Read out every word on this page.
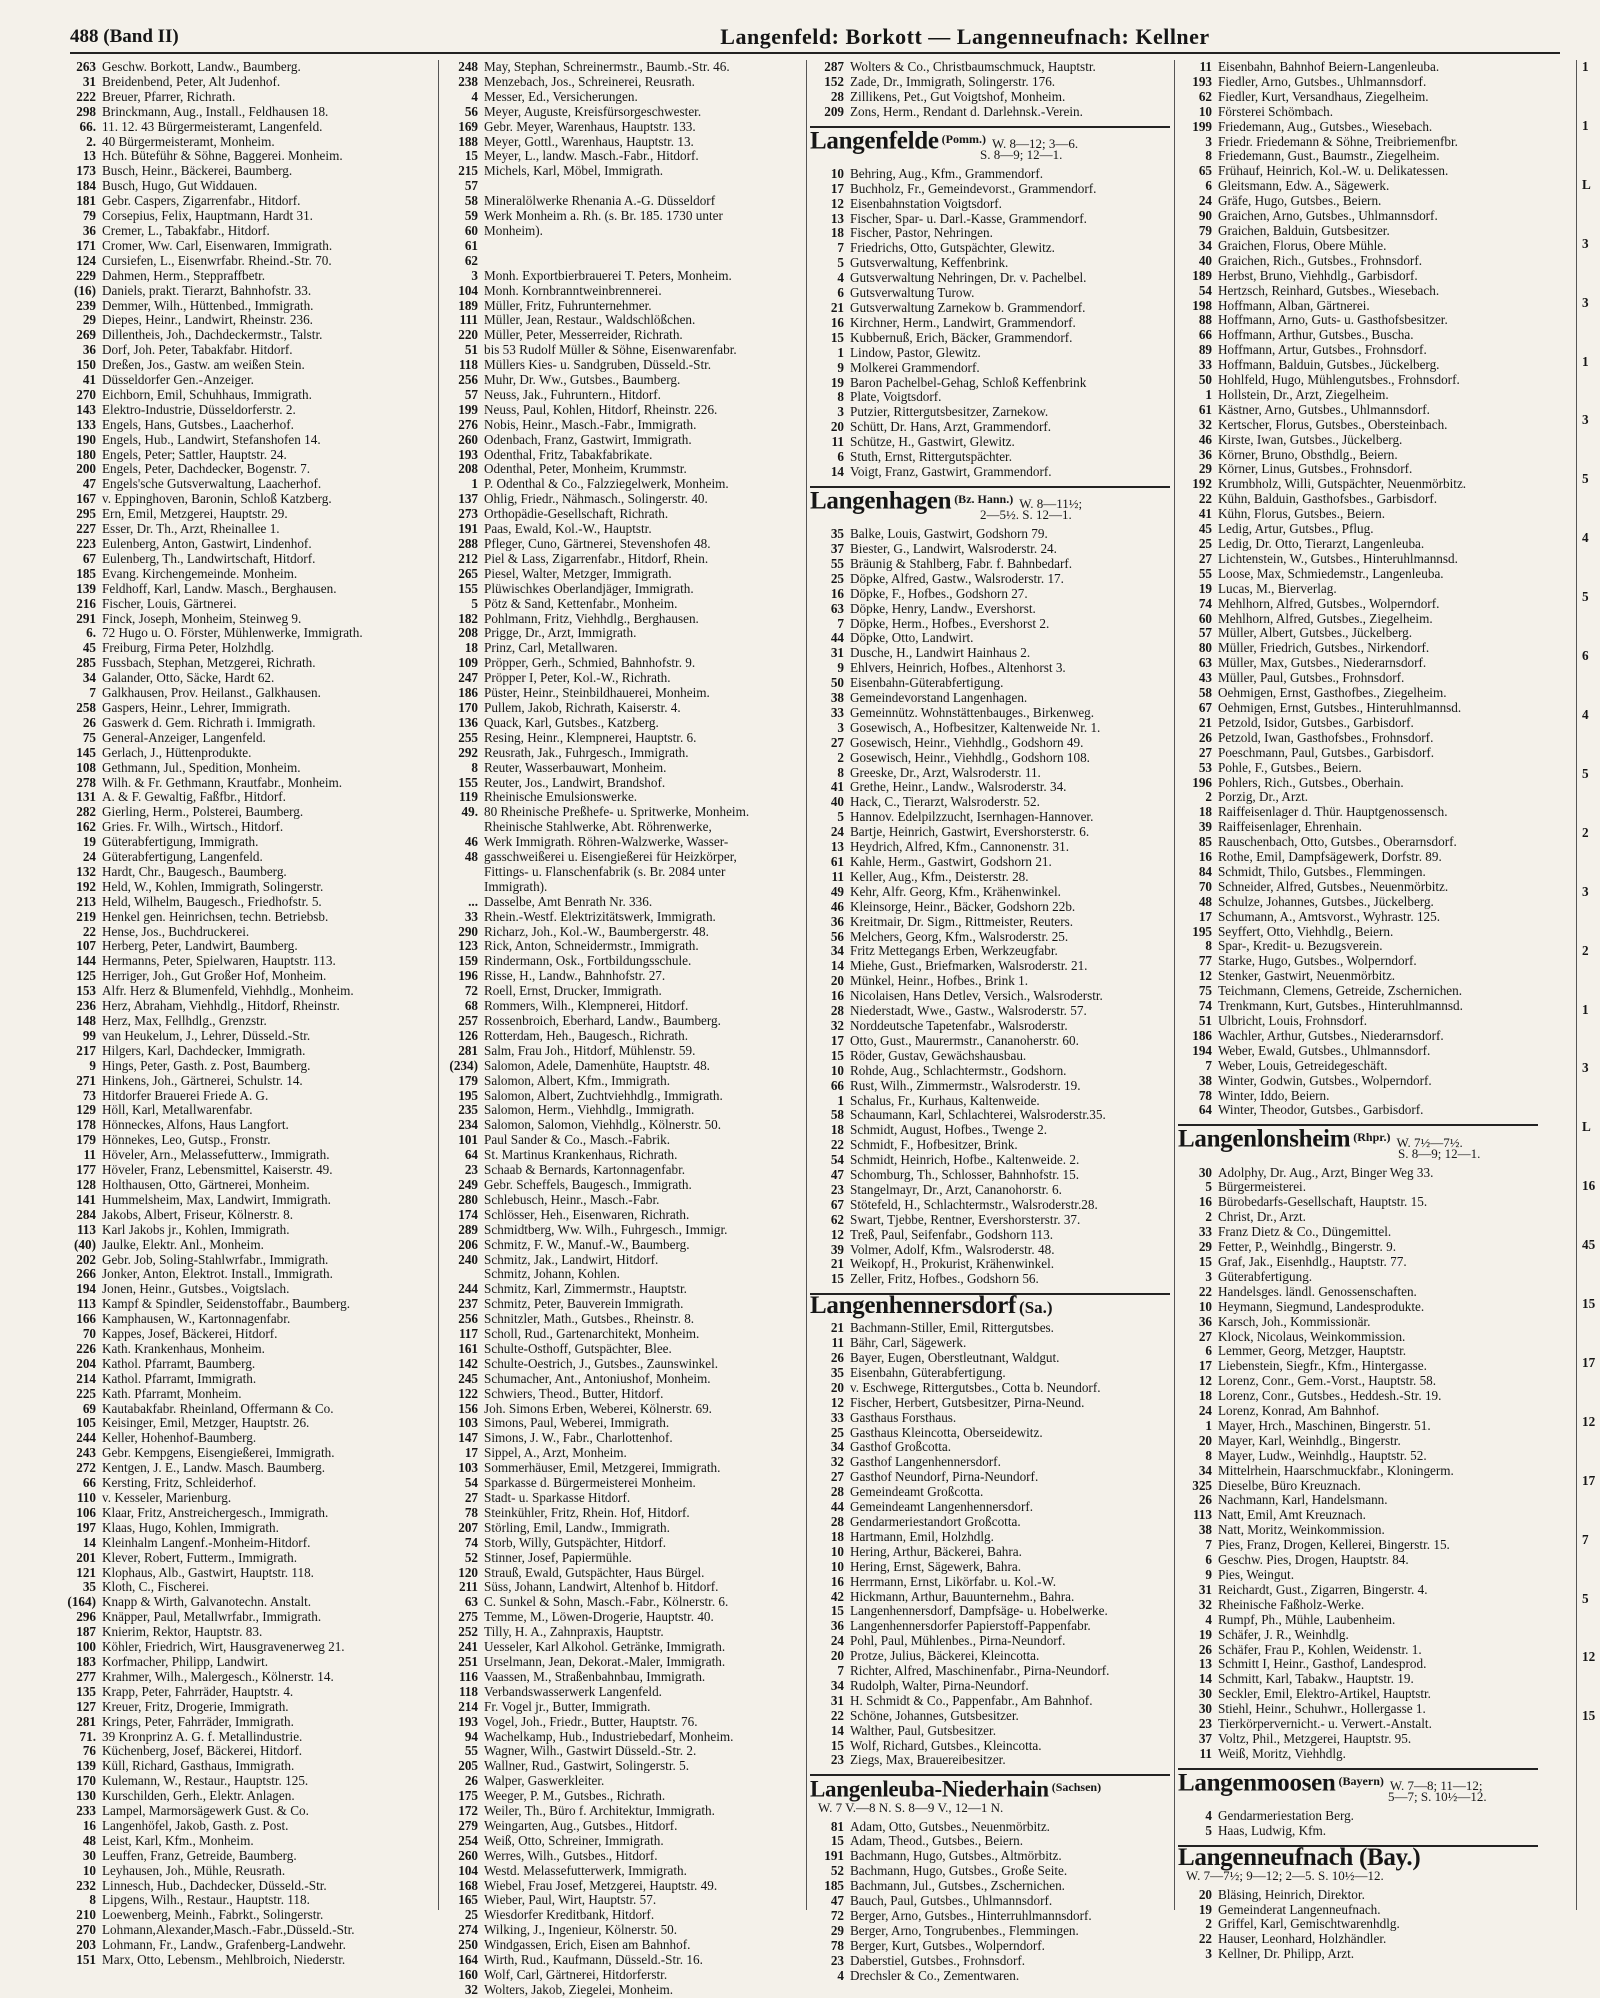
488 (Band II)	Langenfeld: Borkott — Langenneufnach: Kellner
263 Geschw. Borkott, Landw., Baumberg.
31 Breidenbend, Peter, Alt Judenhof.
222 Breuer, Pfarrer, Richrath.
298 Brinckmann, Aug., Install., Feldhausen 18.
66. 11. 12. 43 Bürgermeisteramt, Langenfeld.
2. 40 Bürgermeisteramt, Monheim.
13 Hch. Büteführ & Söhne, Baggerei. Monheim.
173 Busch, Heinr., Bäckerei, Baumberg.
184 Busch, Hugo, Gut Widdauen.
181 Gebr. Caspers, Zigarrenfabr., Hitdorf.
79 Corsepius, Felix, Hauptmann, Hardt 31.
36 Cremer, L., Tabakfabr., Hitdorf.
171 Cromer, Ww. Carl, Eisenwaren, Immigrath.
124 Cursiefen, L., Eisenwrfabr. Rheind.-Str. 70.
229 Dahmen, Herm., Steppraffbetr.
(16) Daniels, prakt. Tierarzt, Bahnhofstr. 33.
239 Demmer, Wilh., Hüttenbed., Immigrath.
29 Diepes, Heinr., Landwirt, Rheinstr. 236.
269 Dillentheis, Joh., Dachdeckermstr., Talstr.
36 Dorf, Joh. Peter, Tabakfabr. Hitdorf.
150 Dreßen, Jos., Gastw. am weißen Stein.
41 Düsseldorfer Gen.-Anzeiger.
270 Eichborn, Emil, Schuhhaus, Immigrath.
143 Elektro-Industrie, Düsseldorferstr. 2.
133 Engels, Hans, Gutsbes., Laacherhof.
190 Engels, Hub., Landwirt, Stefanshofen 14.
180 Engels, Peter; Sattler, Hauptstr. 24.
200 Engels, Peter, Dachdecker, Bogenstr. 7.
47 Engels'sche Gutsverwaltung, Laacherhof.
167 v. Eppinghoven, Baronin, Schloß Katzberg.
295 Ern, Emil, Metzgerei, Hauptstr. 29.
227 Esser, Dr. Th., Arzt, Rheinallee 1.
223 Eulenberg, Anton, Gastwirt, Lindenhof.
67 Eulenberg, Th., Landwirtschaft, Hitdorf.
185 Evang. Kirchengemeinde. Monheim.
139 Feldhoff, Karl, Landw. Masch., Berghausen.
216 Fischer, Louis, Gärtnerei.
291 Finck, Joseph, Monheim, Steinweg 9.
6. 72 Hugo u. O. Förster, Mühlenwerke, Immigrath.
45 Freiburg, Firma Peter, Holzhdlg.
285 Fussbach, Stephan, Metzgerei, Richrath.
34 Galander, Otto, Säcke, Hardt 62.
7 Galkhausen, Prov. Heilanst., Galkhausen.
258 Gaspers, Heinr., Lehrer, Immigrath.
26 Gaswerk d. Gem. Richrath i. Immigrath.
75 General-Anzeiger, Langenfeld.
145 Gerlach, J., Hüttenprodukte.
108 Gethmann, Jul., Spedition, Monheim.
278 Wilh. & Fr. Gethmann, Krautfabr., Monheim.
131 A. & F. Gewaltig, Faßfbr., Hitdorf.
282 Gierling, Herm., Polsterei, Baumberg.
162 Gries. Fr. Wilh., Wirtsch., Hitdorf.
19 Güterabfertigung, Immigrath.
24 Güterabfertigung, Langenfeld.
132 Hardt, Chr., Baugesch., Baumberg.
192 Held, W., Kohlen, Immigrath, Solingerstr.
213 Held, Wilhelm, Baugesch., Friedhofstr. 5.
219 Henkel gen. Heinrichsen, techn. Betriebsb.
22 Hense, Jos., Buchdruckerei.
107 Herberg, Peter, Landwirt, Baumberg.
144 Hermanns, Peter, Spielwaren, Hauptstr. 113.
125 Herriger, Joh., Gut Großer Hof, Monheim.
153 Alfr. Herz & Blumenfeld, Viehhdlg., Monheim.
236 Herz, Abraham, Viehhdlg., Hitdorf, Rheinstr.
148 Herz, Max, Fellhdlg., Grenzstr.
99 van Heukelum, J., Lehrer, Düsseld.-Str.
217 Hilgers, Karl, Dachdecker, Immigrath.
9 Hings, Peter, Gasth. z. Post, Baumberg.
271 Hinkens, Joh., Gärtnerei, Schulstr. 14.
73 Hitdorfer Brauerei Friede A. G.
129 Höll, Karl, Metallwarenfabr.
178 Hönneckes, Alfons, Haus Langfort.
179 Hönnekes, Leo, Gutsp., Fronstr.
11 Höveler, Arn., Melassefutterw., Immigrath.
177 Höveler, Franz, Lebensmittel, Kaiserstr. 49.
128 Holthausen, Otto, Gärtnerei, Monheim.
141 Hummelsheim, Max, Landwirt, Immigrath.
284 Jakobs, Albert, Friseur, Kölnerstr. 8.
113 Karl Jakobs jr., Kohlen, Immigrath.
(40) Jaulke, Elektr. Anl., Monheim.
202 Gebr. Job, Soling-Stahlwrfabr., Immigrath.
266 Jonker, Anton, Elektrot. Install., Immigrath.
194 Jonen, Heinr., Gutsbes., Voigtslach.
113 Kampf & Spindler, Seidenstoffabr., Baumberg.
166 Kamphausen, W., Kartonnagenfabr.
70 Kappes, Josef, Bäckerei, Hitdorf.
226 Kath. Krankenhaus, Monheim.
204 Kathol. Pfarramt, Baumberg.
214 Kathol. Pfarramt, Immigrath.
225 Kath. Pfarramt, Monheim.
69 Kautabakfabr. Rheinland, Offermann & Co.
105 Keisinger, Emil, Metzger, Hauptstr. 26.
244 Keller, Hohenhof-Baumberg.
243 Gebr. Kempgens, Eisengießerei, Immigrath.
272 Kentgen, J. E., Landw. Masch. Baumberg.
66 Kersting, Fritz, Schleiderhof.
110 v. Kesseler, Marienburg.
106 Klaar, Fritz, Anstreichergesch., Immigrath.
197 Klaas, Hugo, Kohlen, Immigrath.
14 Kleinhalm Langenf.-Monheim-Hitdorf.
201 Klever, Robert, Futterm., Immigrath.
121 Klophaus, Alb., Gastwirt, Hauptstr. 118.
35 Kloth, C., Fischerei.
(164) Knapp & Wirth, Galvanotechn. Anstalt.
296 Knäpper, Paul, Metallwrfabr., Immigrath.
187 Knierim, Rektor, Hauptstr. 83.
100 Köhler, Friedrich, Wirt, Hausgravenerweg 21.
183 Korfmacher, Philipp, Landwirt.
277 Krahmer, Wilh., Malergesch., Kölnerstr. 14.
135 Krapp, Peter, Fahrräder, Hauptstr. 4.
127 Kreuer, Fritz, Drogerie, Immigrath.
281 Krings, Peter, Fahrräder, Immigrath.
71. 39 Kronprinz A. G. f. Metallindustrie.
76 Küchenberg, Josef, Bäckerei, Hitdorf.
139 Küll, Richard, Gasthaus, Immigrath.
170 Kulemann, W., Restaur., Hauptstr. 125.
130 Kurschilden, Gerh., Elektr. Anlagen.
233 Lampel, Marmorsägewerk Gust. & Co.
16 Langenhöfel, Jakob, Gasth. z. Post.
48 Leist, Karl, Kfm., Monheim.
30 Leuffen, Franz, Getreide, Baumberg.
10 Leyhausen, Joh., Mühle, Reusrath.
232 Linnesch, Hub., Dachdecker, Düsseld.-Str.
8 Lipgens, Wilh., Restaur., Hauptstr. 118.
210 Loewenberg, Meinh., Fabrkt., Solingerstr.
270 Lohmann,Alexander,Masch.-Fabr.,Düsseld.-Str.
203 Lohmann, Fr., Landw., Grafenberg-Landwehr.
151 Marx, Otto, Lebensm., Mehlbroich, Niederstr.
248 May, Stephan, Schreinermstr., Baumb.-Str. 46.
238 Menzebach, Jos., Schreinerei, Reusrath.
4 Messer, Ed., Versicherungen.
56 Meyer, Auguste, Kreisfürsorgeschwester.
169 Gebr. Meyer, Warenhaus, Hauptstr. 133.
188 Meyer, Gottl., Warenhaus, Hauptstr. 13.
15 Meyer, L., landw. Masch.-Fabr., Hitdorf.
215 Michels, Karl, Möbel, Immigrath.
57
58 Mineralölwerke Rhenania A.-G. Düsseldorf
59 Werk Monheim a. Rh. (s. Br. 185. 1730 unter
60 Monheim).
61
62
3 Monh. Exportbierbrauerei T. Peters, Monheim.
104 Monh. Kornbranntweinbrennerei.
189 Müller, Fritz, Fuhrunternehmer.
111 Müller, Jean, Restaur., Waldschlößchen.
220 Müller, Peter, Messerreider, Richrath.
51 bis 53 Rudolf Müller & Söhne, Eisenwarenfabr.
118 Müllers Kies- u. Sandgruben, Düsseld.-Str.
256 Muhr, Dr. Ww., Gutsbes., Baumberg.
57 Neuss, Jak., Fuhruntern., Hitdorf.
199 Neuss, Paul, Kohlen, Hitdorf, Rheinstr. 226.
276 Nobis, Heinr., Masch.-Fabr., Immigrath.
260 Odenbach, Franz, Gastwirt, Immigrath.
193 Odenthal, Fritz, Tabakfabrikate.
208 Odenthal, Peter, Monheim, Krummstr.
1 P. Odenthal & Co., Falzziegelwerk, Monheim.
137 Ohlig, Friedr., Nähmasch., Solingerstr. 40.
273 Orthopädie-Gesellschaft, Richrath.
191 Paas, Ewald, Kol.-W., Hauptstr.
288 Pfleger, Cuno, Gärtnerei, Stevenshofen 48.
212 Piel & Lass, Zigarrenfabr., Hitdorf, Rhein.
265 Piesel, Walter, Metzger, Immigrath.
155 Plüwischkes Oberlandjäger, Immigrath.
5 Pötz & Sand, Kettenfabr., Monheim.
182 Pohlmann, Fritz, Viehhdlg., Berghausen.
208 Prigge, Dr., Arzt, Immigrath.
18 Prinz, Carl, Metallwaren.
109 Pröpper, Gerh., Schmied, Bahnhofstr. 9.
247 Pröpper I, Peter, Kol.-W., Richrath.
186 Püster, Heinr., Steinbildhauerei, Monheim.
170 Pullem, Jakob, Richrath, Kaiserstr. 4.
136 Quack, Karl, Gutsbes., Katzberg.
255 Resing, Heinr., Klempnerei, Hauptstr. 6.
292 Reusrath, Jak., Fuhrgesch., Immigrath.
8 Reuter, Wasserbauwart, Monheim.
155 Reuter, Jos., Landwirt, Brandshof.
119 Rheinische Emulsionswerke.
49. 80 Rheinische Preßhefe- u. Spritwerke, Monheim.
Rheinische Stahlwerke, Abt. Röhrenwerke,
46 Werk Immigrath. Röhren-Walzwerke, Wasser-
48 gasschweißerei u. Eisengießerei für Heizkörper,
Fittings- u. Flanschenfabrik (s. Br. 2084 unter
Immigrath).
... Dasselbe, Amt Benrath Nr. 336.
33 Rhein.-Westf. Elektrizitätswerk, Immigrath.
290 Richarz, Joh., Kol.-W., Baumbergerstr. 48.
123 Rick, Anton, Schneidermstr., Immigrath.
159 Rindermann, Osk., Fortbildungsschule.
196 Risse, H., Landw., Bahnhofstr. 27.
72 Roell, Ernst, Drucker, Immigrath.
68 Rommers, Wilh., Klempnerei, Hitdorf.
257 Rossenbroich, Eberhard, Landw., Baumberg.
126 Rotterdam, Heh., Baugesch., Richrath.
281 Salm, Frau Joh., Hitdorf, Mühlenstr. 59.
(234) Salomon, Adele, Damenhüte, Hauptstr. 48.
179 Salomon, Albert, Kfm., Immigrath.
195 Salomon, Albert, Zuchtviehhdlg., Immigrath.
235 Salomon, Herm., Viehhdlg., Immigrath.
234 Salomon, Salomon, Viehhdlg., Kölnerstr. 50.
101 Paul Sander & Co., Masch.-Fabrik.
64 St. Martinus Krankenhaus, Richrath.
23 Schaab & Bernards, Kartonnagenfabr.
249 Gebr. Scheffels, Baugesch., Immigrath.
280 Schlebusch, Heinr., Masch.-Fabr.
174 Schlösser, Heh., Eisenwaren, Richrath.
289 Schmidtberg, Ww. Wilh., Fuhrgesch., Immigr.
206 Schmitz, F. W., Manuf.-W., Baumberg.
240 Schmitz, Jak., Landwirt, Hitdorf.
Schmitz, Johann, Kohlen.
244 Schmitz, Karl, Zimmermstr., Hauptstr.
237 Schmitz, Peter, Bauverein Immigrath.
256 Schnitzler, Math., Gutsbes., Rheinstr. 8.
117 Scholl, Rud., Gartenarchitekt, Monheim.
161 Schulte-Osthoff, Gutspächter, Blee.
142 Schulte-Oestrich, J., Gutsbes., Zaunswinkel.
245 Schumacher, Ant., Antoniushof, Monheim.
122 Schwiers, Theod., Butter, Hitdorf.
156 Joh. Simons Erben, Weberei, Kölnerstr. 69.
103 Simons, Paul, Weberei, Immigrath.
147 Simons, J. W., Fabr., Charlottenhof.
17 Sippel, A., Arzt, Monheim.
103 Sommerhäuser, Emil, Metzgerei, Immigrath.
54 Sparkasse d. Bürgermeisterei Monheim.
27 Stadt- u. Sparkasse Hitdorf.
78 Steinkühler, Fritz, Rhein. Hof, Hitdorf.
207 Störling, Emil, Landw., Immigrath.
74 Storb, Willy, Gutspächter, Hitdorf.
52 Stinner, Josef, Papiermühle.
120 Strauß, Ewald, Gutspächter, Haus Bürgel.
211 Süss, Johann, Landwirt, Altenhof b. Hitdorf.
63 C. Sunkel & Sohn, Masch.-Fabr., Kölnerstr. 6.
275 Temme, M., Löwen-Drogerie, Hauptstr. 40.
252 Tilly, H. A., Zahnpraxis, Hauptstr.
241 Uesseler, Karl Alkohol. Getränke, Immigrath.
251 Urselmann, Jean, Dekorat.-Maler, Immigrath.
116 Vaassen, M., Straßenbahnbau, Immigrath.
118 Verbandswasserwerk Langenfeld.
214 Fr. Vogel jr., Butter, Immigrath.
193 Vogel, Joh., Friedr., Butter, Hauptstr. 76.
94 Wachelkamp, Hub., Industriebedarf, Monheim.
55 Wagner, Wilh., Gastwirt Düsseld.-Str. 2.
205 Wallner, Rud., Gastwirt, Solingerstr. 5.
26 Walper, Gaswerkleiter.
175 Weeger, P. M., Gutsbes., Richrath.
172 Weiler, Th., Büro f. Architektur, Immigrath.
279 Weingarten, Aug., Gutsbes., Hitdorf.
254 Weiß, Otto, Schreiner, Immigrath.
260 Werres, Wilh., Gutsbes., Hitdorf.
104 Westd. Melassefutterwerk, Immigrath.
168 Wiebel, Frau Josef, Metzgerei, Hauptstr. 49.
165 Wieber, Paul, Wirt, Hauptstr. 57.
25 Wiesdorfer Kreditbank, Hitdorf.
274 Wilking, J., Ingenieur, Kölnerstr. 50.
250 Windgassen, Erich, Eisen am Bahnhof.
164 Wirth, Rud., Kaufmann, Düsseld.-Str. 16.
160 Wolf, Carl, Gärtnerei, Hitdorferstr.
32 Wolters, Jakob, Ziegelei, Monheim.
287 Wolters & Co., Christbaumschmuck, Hauptstr.
152 Zade, Dr., Immigrath, Solingerstr. 176.
28 Zillikens, Pet., Gut Voigtshof, Monheim.
209 Zons, Herm., Rendant d. Darlehnsk.-Verein.
Langenfelde (Pomm.) W. 8—12; 3—6.
S. 8—9; 12—1.
10 Behring, Aug., Kfm., Grammendorf.
17 Buchholz, Fr., Gemeindevorst., Grammendorf.
12 Eisenbahnstation Voigtsdorf.
13 Fischer, Spar- u. Darl.-Kasse, Grammendorf.
18 Fischer, Pastor, Nehringen.
7 Friedrichs, Otto, Gutspächter, Glewitz.
5 Gutsverwaltung, Keffenbrink.
4 Gutsverwaltung Nehringen, Dr. v. Pachelbel.
6 Gutsverwaltung Turow.
21 Gutsverwaltung Zarnekow b. Grammendorf.
16 Kirchner, Herm., Landwirt, Grammendorf.
15 Kubbernuß, Erich, Bäcker, Grammendorf.
1 Lindow, Pastor, Glewitz.
9 Molkerei Grammendorf.
19 Baron Pachelbel-Gehag, Schloß Keffenbrink
8 Plate, Voigtsdorf.
3 Putzier, Rittergutsbesitzer, Zarnekow.
20 Schütt, Dr. Hans, Arzt, Grammendorf.
11 Schütze, H., Gastwirt, Glewitz.
6 Stuth, Ernst, Rittergutspächter.
14 Voigt, Franz, Gastwirt, Grammendorf.
Langenhagen (Bz. Hann.) W. 8—11½;
2—5½. S. 12—1.
35 Balke, Louis, Gastwirt, Godshorn 79.
37 Biester, G., Landwirt, Walsroderstr. 24.
55 Bräunig & Stahlberg, Fabr. f. Bahnbedarf.
25 Döpke, Alfred, Gastw., Walsroderstr. 17.
16 Döpke, F., Hofbes., Godshorn 27.
63 Döpke, Henry, Landw., Evershorst.
7 Döpke, Herm., Hofbes., Evershorst 2.
44 Döpke, Otto, Landwirt.
31 Dusche, H., Landwirt Hainhaus 2.
9 Ehlvers, Heinrich, Hofbes., Altenhorst 3.
50 Eisenbahn-Güterabfertigung.
38 Gemeindevorstand Langenhagen.
33 Gemeinnütz. Wohnstättenbauges., Birkenweg.
3 Gosewisch, A., Hofbesitzer, Kaltenweide Nr. 1.
27 Gosewisch, Heinr., Viehhdlg., Godshorn 49.
2 Gosewisch, Heinr., Viehhdlg., Godshorn 108.
8 Greeske, Dr., Arzt, Walsroderstr. 11.
41 Grethe, Heinr., Landw., Walsroderstr. 34.
40 Hack, C., Tierarzt, Walsroderstr. 52.
5 Hannov. Edelpilzzucht, Isernhagen-Hannover.
24 Bartje, Heinrich, Gastwirt, Evershorsterstr. 6.
13 Heydrich, Alfred, Kfm., Cannonenstr. 31.
61 Kahle, Herm., Gastwirt, Godshorn 21.
11 Keller, Aug., Kfm., Deisterstr. 28.
49 Kehr, Alfr. Georg, Kfm., Krähenwinkel.
46 Kleinsorge, Heinr., Bäcker, Godshorn 22b.
36 Kreitmair, Dr. Sigm., Rittmeister, Reuters.
56 Melchers, Georg, Kfm., Walsroderstr. 25.
34 Fritz Mettegangs Erben, Werkzeugfabr.
14 Miehe, Gust., Briefmarken, Walsroderstr. 21.
20 Münkel, Heinr., Hofbes., Brink 1.
16 Nicolaisen, Hans Detlev, Versich., Walsroderstr.
28 Niederstadt, Wwe., Gastw., Walsroderstr. 57.
32 Norddeutsche Tapetenfabr., Walsroderstr.
17 Otto, Gust., Maurermstr., Cananoherstr. 60.
15 Röder, Gustav, Gewächshausbau.
10 Rohde, Aug., Schlachtermstr., Godshorn.
66 Rust, Wilh., Zimmermstr., Walsroderstr. 19.
1 Schalus, Fr., Kurhaus, Kaltenweide.
58 Schaumann, Karl, Schlachterei, Walsroderstr.35.
18 Schmidt, August, Hofbes., Twenge 2.
22 Schmidt, F., Hofbesitzer, Brink.
54 Schmidt, Heinrich, Hofbe., Kaltenweide. 2.
47 Schomburg, Th., Schlosser, Bahnhofstr. 15.
23 Stangelmayr, Dr., Arzt, Cananohorstr. 6.
67 Stötefeld, H., Schlachtermstr., Walsroderstr.28.
62 Swart, Tjebbe, Rentner, Evershorsterstr. 37.
12 Treß, Paul, Seifenfabr., Godshorn 113.
39 Volmer, Adolf, Kfm., Walsroderstr. 48.
21 Weikopf, H., Prokurist, Krähenwinkel.
15 Zeller, Fritz, Hofbes., Godshorn 56.
Langenhennersdorf (Sa.)
21 Bachmann-Stiller, Emil, Rittergutsbes.
11 Bähr, Carl, Sägewerk.
26 Bayer, Eugen, Oberstleutnant, Waldgut.
35 Eisenbahn, Güterabfertigung.
20 v. Eschwege, Rittergutsbes., Cotta b. Neundorf.
12 Fischer, Herbert, Gutsbesitzer, Pirna-Neund.
33 Gasthaus Forsthaus.
25 Gasthaus Kleincotta, Oberseidewitz.
34 Gasthof Großcotta.
32 Gasthof Langenhennersdorf.
27 Gasthof Neundorf, Pirna-Neundorf.
28 Gemeindeamt Großcotta.
44 Gemeindeamt Langenhennersdorf.
28 Gendarmeriestandort Großcotta.
18 Hartmann, Emil, Holzhdlg.
10 Hering, Arthur, Bäckerei, Bahra.
10 Hering, Ernst, Sägewerk, Bahra.
16 Herrmann, Ernst, Likörfabr. u. Kol.-W.
42 Hickmann, Arthur, Bauunternehm., Bahra.
15 Langenhennersdorf, Dampfsäge- u. Hobelwerke.
36 Langenhennersdorfer Papierstoff-Pappenfabr.
24 Pohl, Paul, Mühlenbes., Pirna-Neundorf.
20 Protze, Julius, Bäckerei, Kleincotta.
7 Richter, Alfred, Maschinenfabr., Pirna-Neundorf.
34 Rudolph, Walter, Pirna-Neundorf.
31 H. Schmidt & Co., Pappenfabr., Am Bahnhof.
22 Schöne, Johannes, Gutsbesitzer.
14 Walther, Paul, Gutsbesitzer.
15 Wolf, Richard, Gutsbes., Kleincotta.
23 Ziegs, Max, Brauereibesitzer.
Langenleuba-Niederhain (Sachsen)
W. 7 V.—8 N. S. 8—9 V., 12—1 N.
81 Adam, Otto, Gutsbes., Neuenmörbitz.
15 Adam, Theod., Gutsbes., Beiern.
191 Bachmann, Hugo, Gutsbes., Altmörbitz.
52 Bachmann, Hugo, Gutsbes., Große Seite.
185 Bachmann, Jul., Gutsbes., Zschernichen.
47 Bauch, Paul, Gutsbes., Uhlmannsdorf.
72 Berger, Arno, Gutsbes., Hinterruhlmannsdorf.
29 Berger, Arno, Tongrubenbes., Flemmingen.
78 Berger, Kurt, Gutsbes., Wolperndorf.
23 Daberstiel, Gutsbes., Frohnsdorf.
4 Drechsler & Co., Zementwaren.
11 Eisenbahn, Bahnhof Beiern-Langenleuba.
193 Fiedler, Arno, Gutsbes., Uhlmannsdorf.
62 Fiedler, Kurt, Versandhaus, Ziegelheim.
10 Försterei Schömbach.
199 Friedemann, Aug., Gutsbes., Wiesebach.
3 Friedr. Friedemann & Söhne, Treibriemenfbr.
8 Friedemann, Gust., Baumstr., Ziegelheim.
65 Frühauf, Heinrich, Kol.-W. u. Delikatessen.
6 Gleitsmann, Edw. A., Sägewerk.
24 Gräfe, Hugo, Gutsbes., Beiern.
90 Graichen, Arno, Gutsbes., Uhlmannsdorf.
79 Graichen, Balduin, Gutsbesitzer.
34 Graichen, Florus, Obere Mühle.
40 Graichen, Rich., Gutsbes., Frohnsdorf.
189 Herbst, Bruno, Viehhdlg., Garbisdorf.
54 Hertzsch, Reinhard, Gutsbes., Wiesebach.
198 Hoffmann, Alban, Gärtnerei.
88 Hoffmann, Arno, Guts- u. Gasthofsbesitzer.
66 Hoffmann, Arthur, Gutsbes., Buscha.
89 Hoffmann, Artur, Gutsbes., Frohnsdorf.
33 Hoffmann, Balduin, Gutsbes., Jückelberg.
50 Hohlfeld, Hugo, Mühlengutsbes., Frohnsdorf.
1 Hollstein, Dr., Arzt, Ziegelheim.
61 Kästner, Arno, Gutsbes., Uhlmannsdorf.
32 Kertscher, Florus, Gutsbes., Obersteinbach.
46 Kirste, Iwan, Gutsbes., Jückelberg.
36 Körner, Bruno, Obsthdlg., Beiern.
29 Körner, Linus, Gutsbes., Frohnsdorf.
192 Krumbholz, Willi, Gutspächter, Neuenmörbitz.
22 Kühn, Balduin, Gasthofsbes., Garbisdorf.
41 Kühn, Florus, Gutsbes., Beiern.
45 Ledig, Artur, Gutsbes., Pflug.
25 Ledig, Dr. Otto, Tierarzt, Langenleuba.
27 Lichtenstein, W., Gutsbes., Hinteruhlmannsd.
55 Loose, Max, Schmiedemstr., Langenleuba.
19 Lucas, M., Bierverlag.
74 Mehlhorn, Alfred, Gutsbes., Wolperndorf.
60 Mehlhorn, Alfred, Gutsbes., Ziegelheim.
57 Müller, Albert, Gutsbes., Jückelberg.
80 Müller, Friedrich, Gutsbes., Nirkendorf.
63 Müller, Max, Gutsbes., Niederarnsdorf.
43 Müller, Paul, Gutsbes., Frohnsdorf.
58 Oehmigen, Ernst, Gasthofbes., Ziegelheim.
67 Oehmigen, Ernst, Gutsbes., Hinteruhlmannsd.
21 Petzold, Isidor, Gutsbes., Garbisdorf.
26 Petzold, Iwan, Gasthofsbes., Frohnsdorf.
27 Poeschmann, Paul, Gutsbes., Garbisdorf.
53 Pohle, F., Gutsbes., Beiern.
196 Pohlers, Rich., Gutsbes., Oberhain.
2 Porzig, Dr., Arzt.
18 Raiffeisenlager d. Thür. Hauptgenossensch.
39 Raiffeisenlager, Ehrenhain.
85 Rauschenbach, Otto, Gutsbes., Oberarnsdorf.
16 Rothe, Emil, Dampfsägewerk, Dorfstr. 89.
84 Schmidt, Thilo, Gutsbes., Flemmingen.
70 Schneider, Alfred, Gutsbes., Neuenmörbitz.
48 Schulze, Johannes, Gutsbes., Jückelberg.
17 Schumann, A., Amtsvorst., Wyhrastr. 125.
195 Seyffert, Otto, Viehhdlg., Beiern.
8 Spar-, Kredit- u. Bezugsverein.
77 Starke, Hugo, Gutsbes., Wolperndorf.
12 Stenker, Gastwirt, Neuenmörbitz.
75 Teichmann, Clemens, Getreide, Zschernichen.
74 Trenkmann, Kurt, Gutsbes., Hinteruhlmannsd.
51 Ulbricht, Louis, Frohnsdorf.
186 Wachler, Arthur, Gutsbes., Niederarnsdorf.
194 Weber, Ewald, Gutsbes., Uhlmannsdorf.
7 Weber, Louis, Getreidegeschäft.
38 Winter, Godwin, Gutsbes., Wolperndorf.
78 Winter, Iddo, Beiern.
64 Winter, Theodor, Gutsbes., Garbisdorf.
Langenlonsheim (Rhpr.) W. 7½—7½.
S. 8—9; 12—1.
30 Adolphy, Dr. Aug., Arzt, Binger Weg 33.
5 Bürgermeisterei.
16 Bürobedarfs-Gesellschaft, Hauptstr. 15.
2 Christ, Dr., Arzt.
33 Franz Dietz & Co., Düngemittel.
29 Fetter, P., Weinhdlg., Bingerstr. 9.
15 Graf, Jak., Eisenhdlg., Hauptstr. 77.
3 Güterabfertigung.
22 Handelsges. ländl. Genossenschaften.
10 Heymann, Siegmund, Landesprodukte.
36 Karsch, Joh., Kommissionär.
27 Klock, Nicolaus, Weinkommission.
6 Lemmer, Georg, Metzger, Hauptstr.
17 Liebenstein, Siegfr., Kfm., Hintergasse.
12 Lorenz, Conr., Gem.-Vorst., Hauptstr. 58.
18 Lorenz, Conr., Gutsbes., Heddesh.-Str. 19.
24 Lorenz, Konrad, Am Bahnhof.
1 Mayer, Hrch., Maschinen, Bingerstr. 51.
20 Mayer, Karl, Weinhdlg., Bingerstr.
8 Mayer, Ludw., Weinhdlg., Hauptstr. 52.
34 Mittelrhein, Haarschmuckfabr., Kloningerm.
325 Dieselbe, Büro Kreuznach.
26 Nachmann, Karl, Handelsmann.
113 Natt, Emil, Amt Kreuznach.
38 Natt, Moritz, Weinkommission.
7 Pies, Franz, Drogen, Kellerei, Bingerstr. 15.
6 Geschw. Pies, Drogen, Hauptstr. 84.
9 Pies, Weingut.
31 Reichardt, Gust., Zigarren, Bingerstr. 4.
32 Rheinische Faßholz-Werke.
4 Rumpf, Ph., Mühle, Laubenheim.
19 Schäfer, J. R., Weinhdlg.
26 Schäfer, Frau P., Kohlen, Weidenstr. 1.
13 Schmitt I, Heinr., Gasthof, Landesprod.
14 Schmitt, Karl, Tabakw., Hauptstr. 19.
30 Seckler, Emil, Elektro-Artikel, Hauptstr.
30 Stiehl, Heinr., Schuhwr., Hollergasse 1.
23 Tierkörpervernicht.- u. Verwert.-Anstalt.
37 Voltz, Phil., Metzgerei, Hauptstr. 95.
11 Weiß, Moritz, Viehhdlg.
Langenmoosen (Bayern) W. 7—8; 11—12;
5—7; S. 10½—12.
4 Gendarmeriestation Berg.
5 Haas, Ludwig, Kfm.
Langenneufnach (Bay.)
W. 7—7½; 9—12; 2—5. S. 10½—12.
20 Bläsing, Heinrich, Direktor.
19 Gemeinderat Langenneufnach.
2 Griffel, Karl, Gemischtwarenhdlg.
22 Hauser, Leonhard, Holzhändler.
3 Kellner, Dr. Philipp, Arzt.
1
1
L
3
3
1
3
5
4
5
6
4
5
2
3
2
1
3
L
16
45
15
17
12
17
7
5
12
15
